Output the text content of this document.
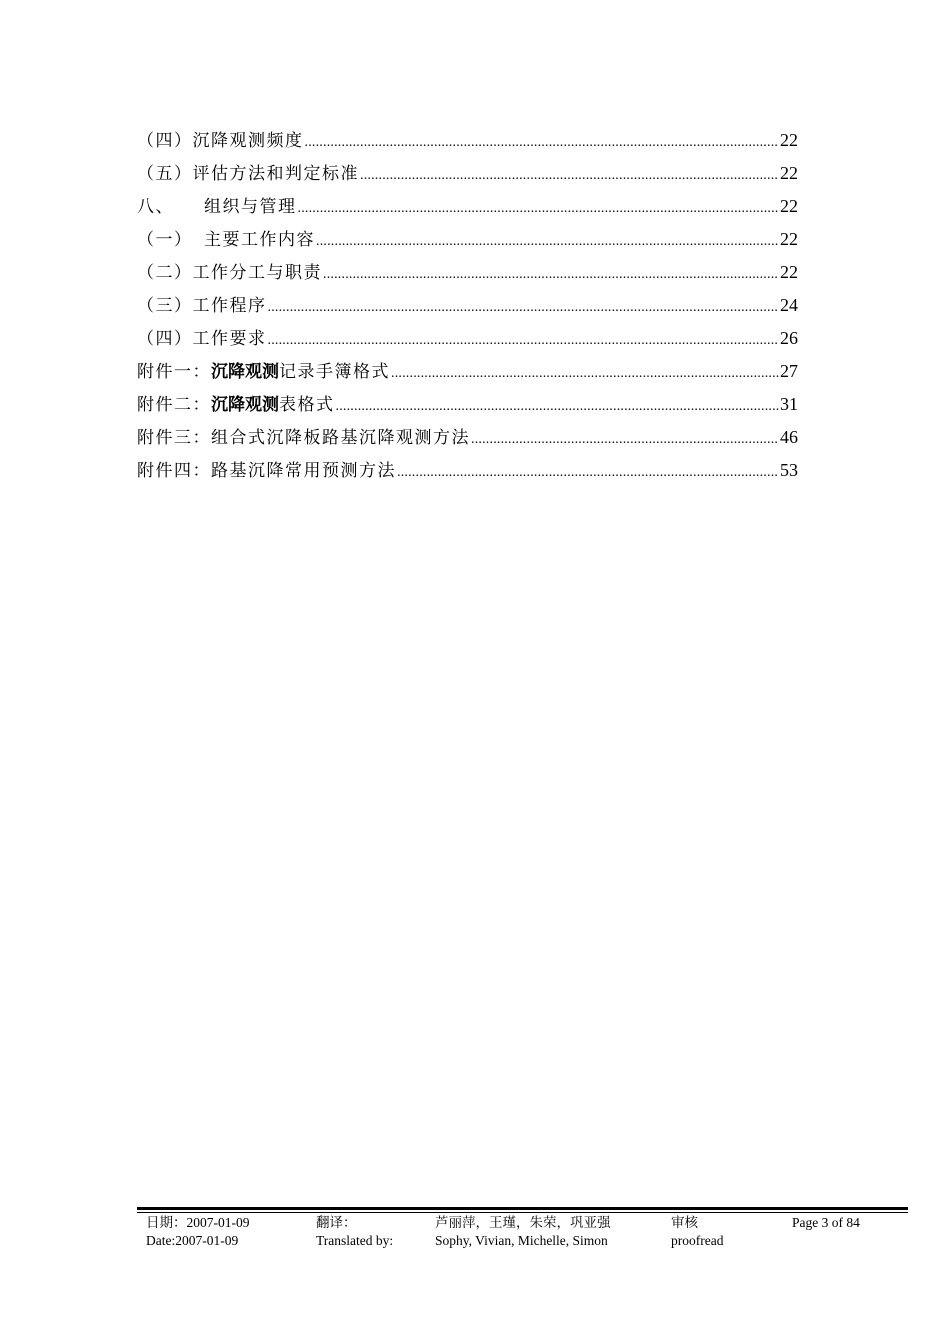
（四）沉降观测频度 .....	22
（五）评估方法和判定标准 .....	22
八、 组织与管理 .....	22
（一） 主要工作内容 .....	22
（二）工作分工与职责 .....	22
（三）工作程序 .....	24
（四）工作要求 .....	26
附件一：沉降观测记录手簿格式 .....	27
附件二：沉降观测表格式 .....	31
附件三：组合式沉降板路基沉降观测方法 .....	46
附件四：路基沉降常用预测方法 .....	53
日期：2007-01-09
Date:2007-01-09
翻译：
Translated by:
芦丽萍，王瑾，朱荣，巩亚强
Sophy, Vivian, Michelle, Simon
审核
proofread
Page 3 of 84
